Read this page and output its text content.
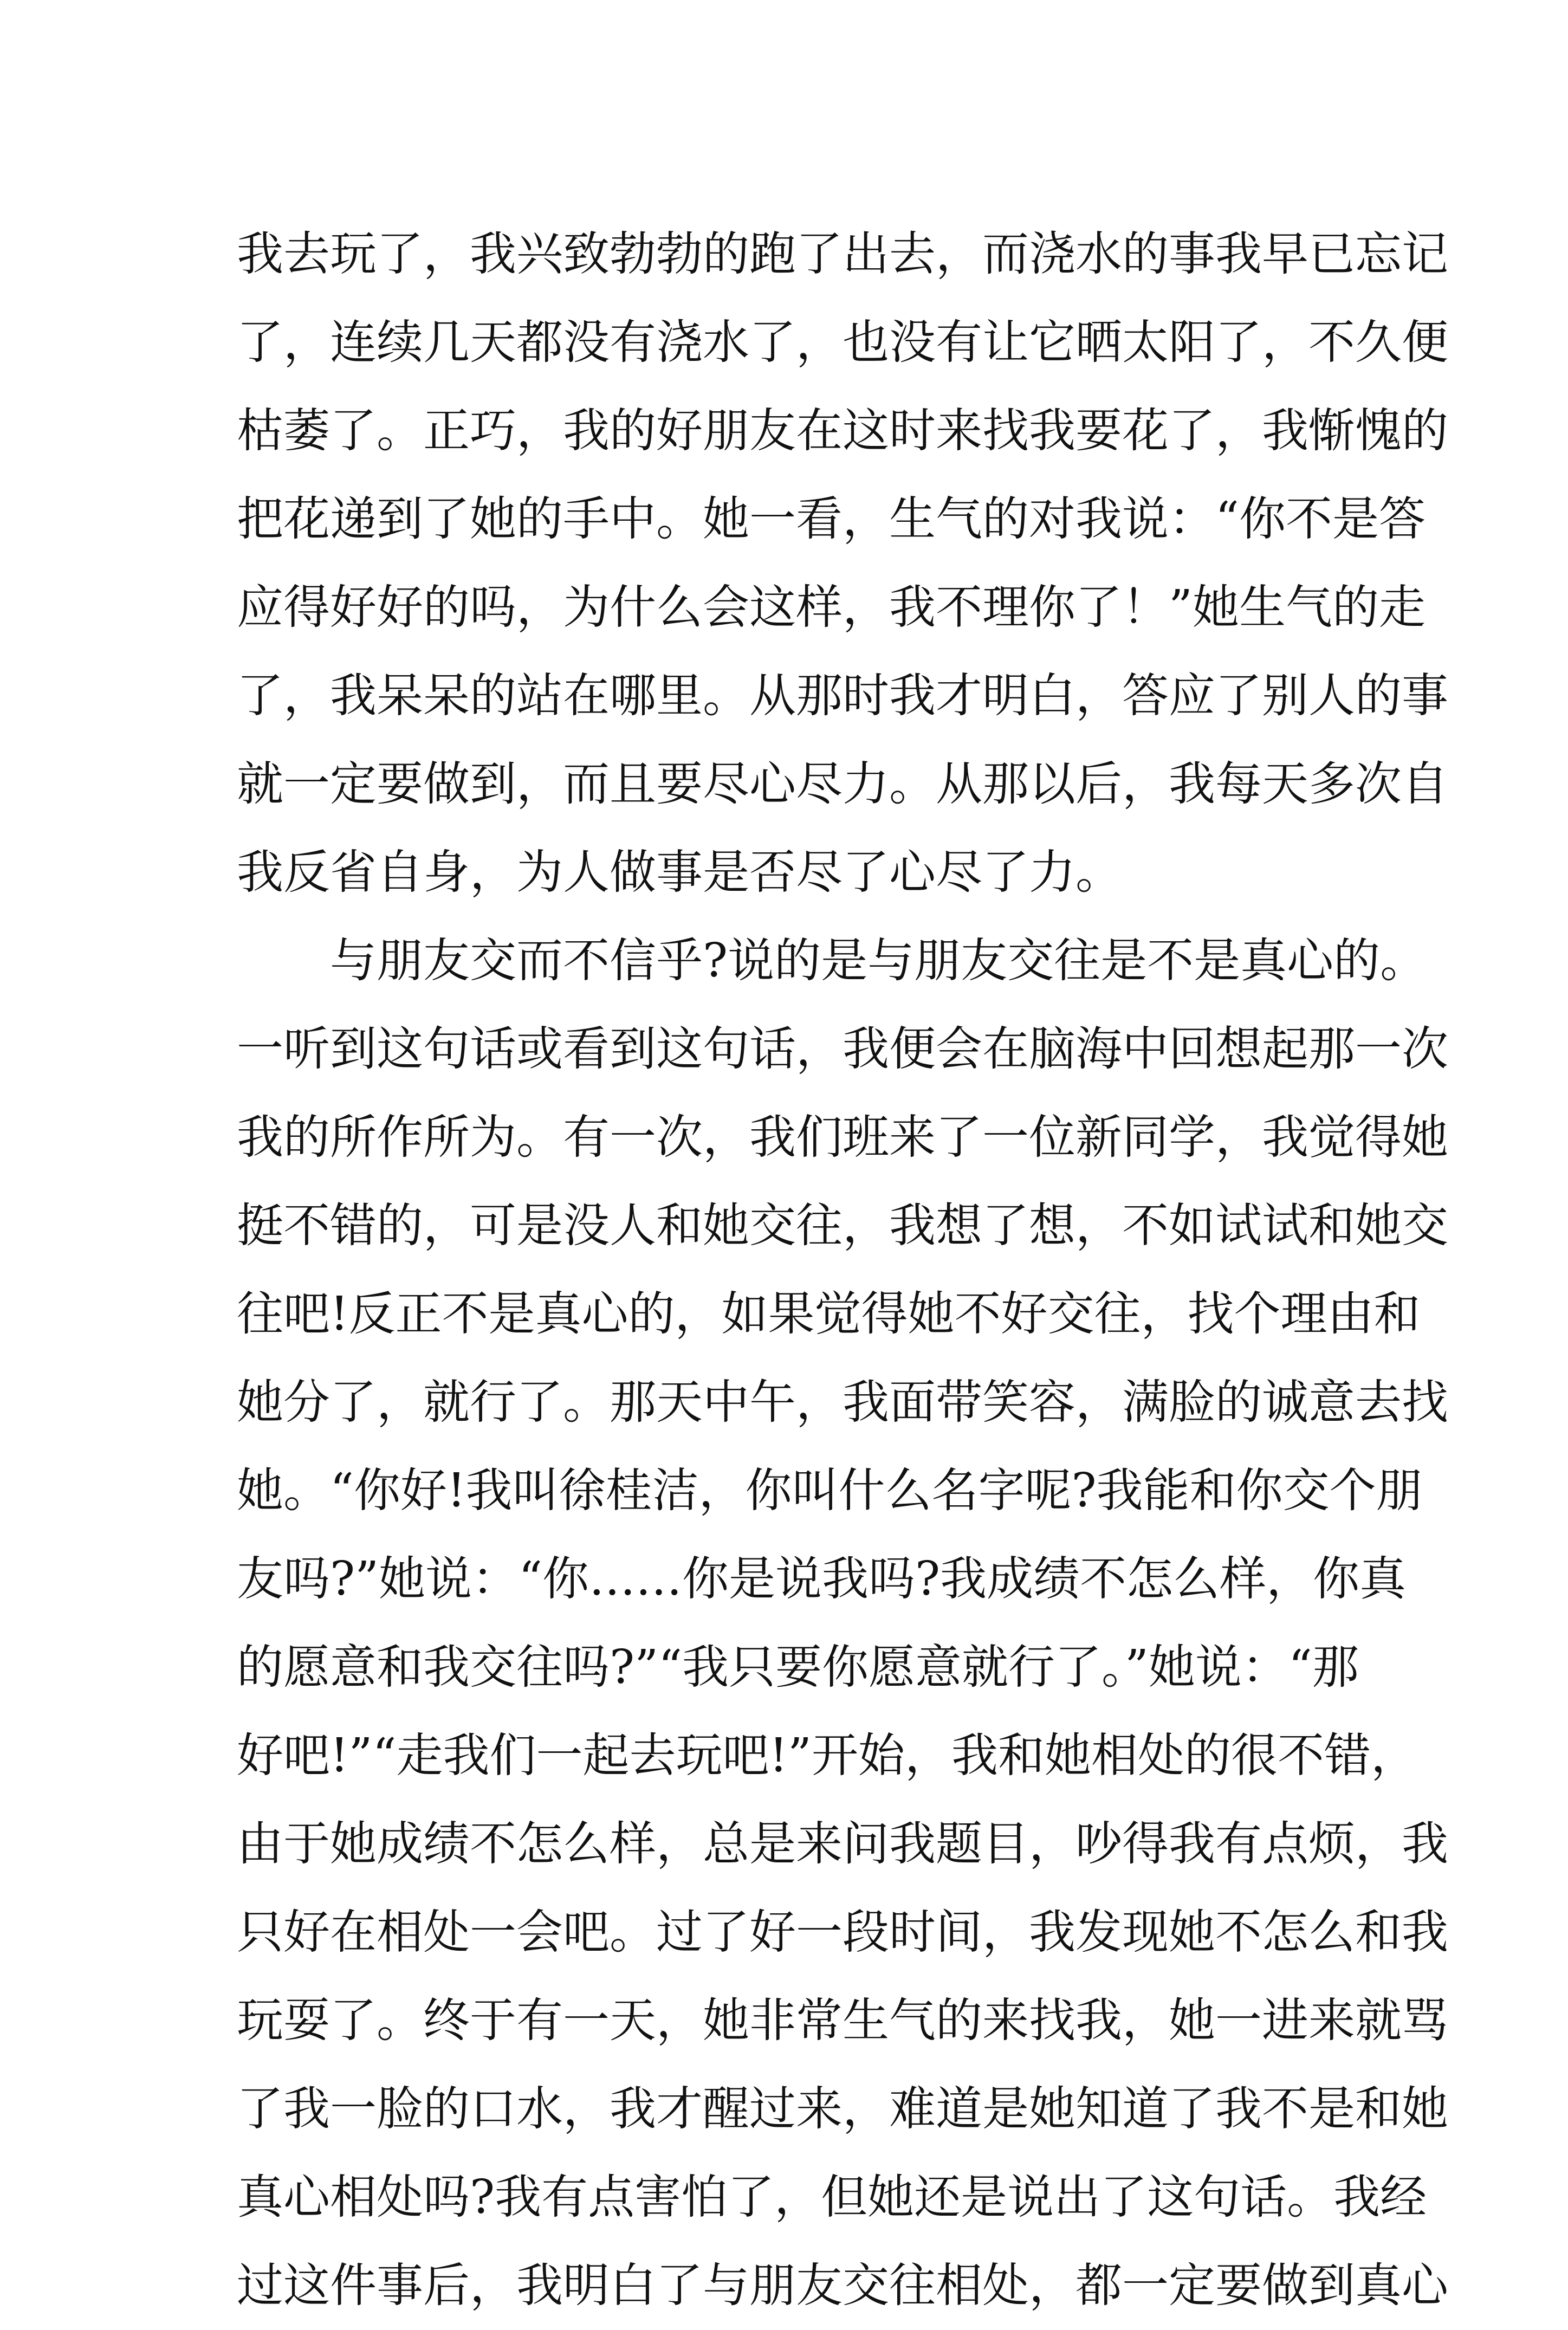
我去玩了，我兴致勃勃的跑了出去，而浇水的事我早已忘记
了，连续几天都没有浇水了，也没有让它晒太阳了，不久便
枯萎了。正巧，我的好朋友在这时来找我要花了，我惭愧的
把花递到了她的手中。她一看，生气的对我说：“你不是答
应得好好的吗，为什么会这样，我不理你了！”她生气的走
了，我呆呆的站在哪里。从那时我才明白，答应了别人的事
就一定要做到，而且要尽心尽力。从那以后，我每天多次自
我反省自身，为人做事是否尽了心尽了力。
与朋友交而不信乎?说的是与朋友交往是不是真心的。
一听到这句话或看到这句话，我便会在脑海中回想起那一次
我的所作所为。有一次，我们班来了一位新同学，我觉得她
挺不错的，可是没人和她交往，我想了想，不如试试和她交
往吧!反正不是真心的，如果觉得她不好交往，找个理由和
她分了，就行了。那天中午，我面带笑容，满脸的诚意去找
她。“你好!我叫徐桂洁，你叫什么名字呢?我能和你交个朋
友吗?”她说：“你……你是说我吗?我成绩不怎么样，你真
的愿意和我交往吗?”“我只要你愿意就行了。”她说：“那
好吧!”“走我们一起去玩吧!”开始，我和她相处的很不错，
由于她成绩不怎么样，总是来问我题目，吵得我有点烦，我
只好在相处一会吧。过了好一段时间，我发现她不怎么和我
玩耍了。终于有一天，她非常生气的来找我，她一进来就骂
了我一脸的口水，我才醒过来，难道是她知道了我不是和她
真心相处吗?我有点害怕了，但她还是说出了这句话。我经
过这件事后，我明白了与朋友交往相处，都一定要做到真心
